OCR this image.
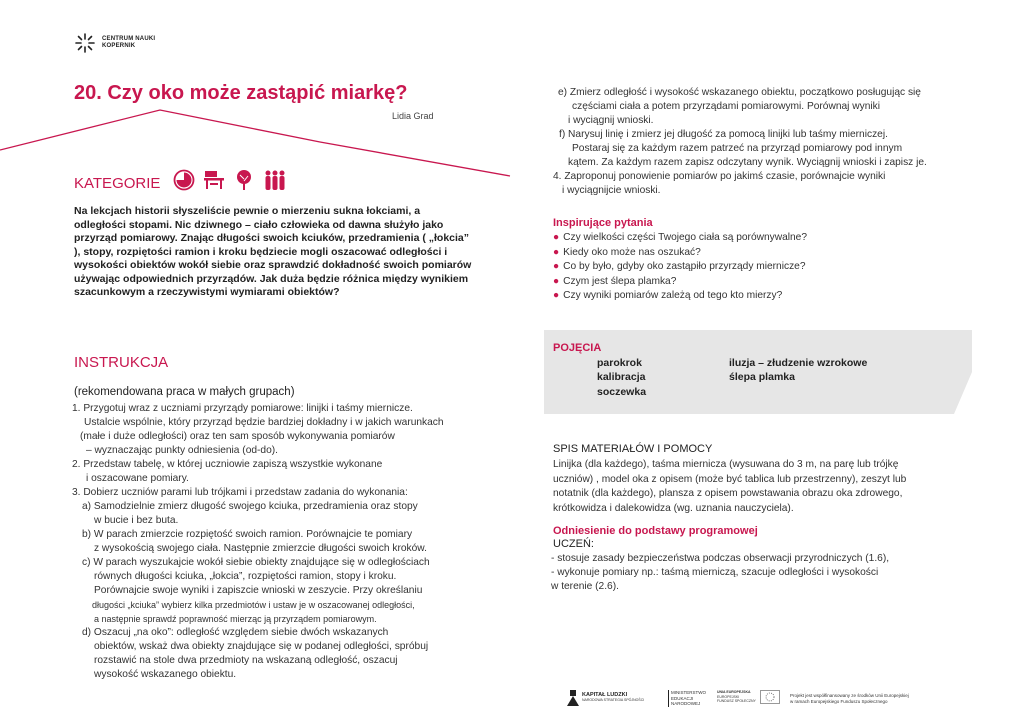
CENTRUM NAUKI
KOPERNIK
20. Czy oko może zastąpić miarkę?
Lidia Grad
KATEGORIE
Na lekcjach historii słyszeliście pewnie o mierzeniu sukna łokciami, a odległości stopami. Nic dziwnego – ciało człowieka od dawna służyło jako przyrząd pomiarowy. Znając długości swoich kciuków, przedramienia ( „łokcia” ), stopy, rozpiętości ramion i kroku będziecie mogli oszacować odległości i wysokości obiektów wokół siebie oraz sprawdzić dokładność swoich pomiarów używając odpowiednich przyrządów. Jak duża będzie różnica między wynikiem szacunkowym a rzeczywistymi wymiarami obiektów?
INSTRUKCJA
(rekomendowana praca w małych grupach)
1. Przygotuj wraz z uczniami przyrządy pomiarowe: linijki i taśmy miernicze.
Ustalcie wspólnie, który przyrząd będzie bardziej dokładny i w jakich warunkach
(małe i duże odległości) oraz ten sam sposób wykonywania pomiarów
– wyznaczając punkty odniesienia (od-do).
2. Przedstaw tabelę, w której uczniowie zapiszą wszystkie wykonane
i oszacowane pomiary.
3. Dobierz uczniów parami lub trójkami i przedstaw zadania do wykonania:
a) Samodzielnie zmierz długość swojego kciuka, przedramienia oraz stopy
w bucie i bez buta.
b) W parach zmierzcie rozpiętość swoich ramion. Porównajcie te pomiary
z wysokością swojego ciała. Następnie zmierzcie długości swoich kroków.
c) W parach wyszukajcie wokół siebie obiekty znajdujące się w odległościach
równych długości kciuka, „łokcia”, rozpiętości ramion, stopy i kroku.
Porównajcie swoje wyniki i zapiszcie wnioski w zeszycie. Przy określaniu
długości „kciuka” wybierz kilka przedmiotów i ustaw je w oszacowanej odległości,
a następnie sprawdź poprawność mierząc ją przyrządem pomiarowym.
d) Oszacuj „na oko”: odległość względem siebie dwóch wskazanych
obiektów, wskaż dwa obiekty znajdujące się w podanej odległości, spróbuj
rozstawić na stole dwa przedmioty na wskazaną odległość, oszacuj
wysokość wskazanego obiektu.
e) Zmierz odległość i wysokość wskazanego obiektu, początkowo posługując się
częściami ciała a potem przyrządami pomiarowymi. Porównaj wyniki
i wyciągnij wnioski.
f) Narysuj linię i zmierz jej długość za pomocą linijki lub taśmy mierniczej.
Postaraj się za każdym razem patrzeć na przyrząd pomiarowy pod innym
kątem. Za każdym razem zapisz odczytany wynik. Wyciągnij wnioski i zapisz je.
4. Zaproponuj ponowienie pomiarów po jakimś czasie, porównajcie wyniki
i wyciągnijcie wnioski.
Inspirujące pytania
● Czy wielkości części Twojego ciała są porównywalne?
● Kiedy oko może nas oszukać?
● Co by było, gdyby oko zastąpiło przyrządy miernicze?
● Czym jest ślepa plamka?
● Czy wyniki pomiarów zależą od tego kto mierzy?
POJĘCIA
parokrok
kalibracja
soczewka
iluzja – złudzenie wzrokowe
ślepa plamka
SPIS MATERIAŁÓW I POMOCY
Linijka (dla każdego), taśma miernicza (wysuwana do 3 m, na parę lub trójkę
uczniów) , model oka z opisem (może być tablica lub przestrzenny), zeszyt lub
notatnik (dla każdego), plansza z opisem powstawania obrazu oka zdrowego,
krótkowidza i dalekowidza (wg. uznania nauczyciela).
Odniesienie do podstawy programowej
UCZEŃ:
- stosuje zasady bezpieczeństwa podczas obserwacji przyrodniczych (1.6),
- wykonuje pomiary np.: taśmą mierniczą, szacuje odległości i wysokości
w terenie (2.6).
KAPITAŁ LUDZKI
NARODOWA STRATEGIA SPÓJNOŚCI
MINISTERSTWO
EDUKACJI
NARODOWEJ
UNIA EUROPEJSKA
EUROPEJSKI
FUNDUSZ SPOŁECZNY
Projekt jest współfinansowany ze środków Unii Europejskiej
w ramach Europejskiego Funduszu Społecznego
